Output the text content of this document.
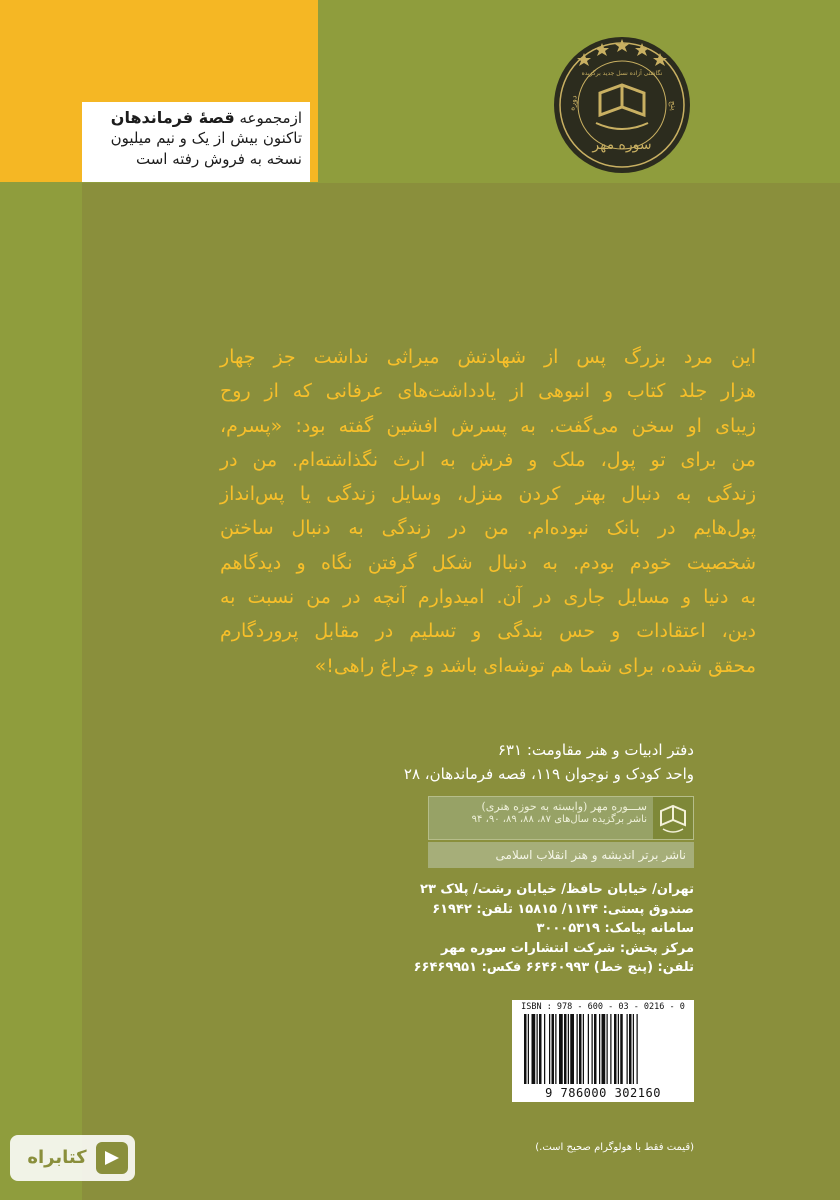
ازمجموعه قصهٔ فرماندهان
تاکنون بیش از یک و نیم میلیون
نسخه به فروش رفته است
سوره مهر
دوره	پنج
نگاشتی آزاده نسل جدید برگزیده
این مرد بزرگ پس از شهادتش میراثی نداشت جز چهار
هزار جلد کتاب و انبوهی از یادداشت‌های عرفانی که از روح
زیبای او سخن می‌گفت. به پسرش افشین گفته بود: «پسرم،
من برای تو پول، ملک و فرش به ارث نگذاشته‌ام. من در
زندگی به دنبال بهتر کردن منزل، وسایل زندگی یا پس‌انداز
پول‌هایم در بانک نبوده‌ام. من در زندگی به دنبال ساختن
شخصیت خودم بودم. به دنبال شکل گرفتن نگاه و دیدگاهم
به دنیا و مسایل جاری در آن. امیدوارم آنچه در من نسبت به
دین، اعتقادات و حس بندگی و تسلیم در مقابل پروردگارم
محقق شده، برای شما هم توشه‌ای باشد و چراغ راهی!»
دفتر ادبیات و هنر مقاومت: ۶۳۱
واحد کودک و نوجوان ۱۱۹، قصه فرماندهان، ۲۸
ســـوره مهر (وابسته به حوزه هنری)
ناشر برگزیده سال‌های ۸۷، ۸۸، ۸۹، ۹۰، ۹۴
ناشر برتر اندیشه و هنر انقلاب اسلامی
تهران/ خیابان حافظ/ خیابان رشت/ پلاک ۲۳
صندوق پستی: ۱۱۴۴/ ۱۵۸۱۵ تلفن: ۶۱۹۴۲
سامانه پیامک: ۳۰۰۰۵۳۱۹
مرکز پخش: شرکت انتشارات سوره مهر
تلفن: (پنج خط) ۶۶۴۶۰۹۹۳ فکس: ۶۶۴۶۹۹۵۱
ISBN : 978 - 600 - 03 - 0216 - 0
9 786000 302160
(قیمت فقط با هولوگرام صحیح است.)
کتابراه
